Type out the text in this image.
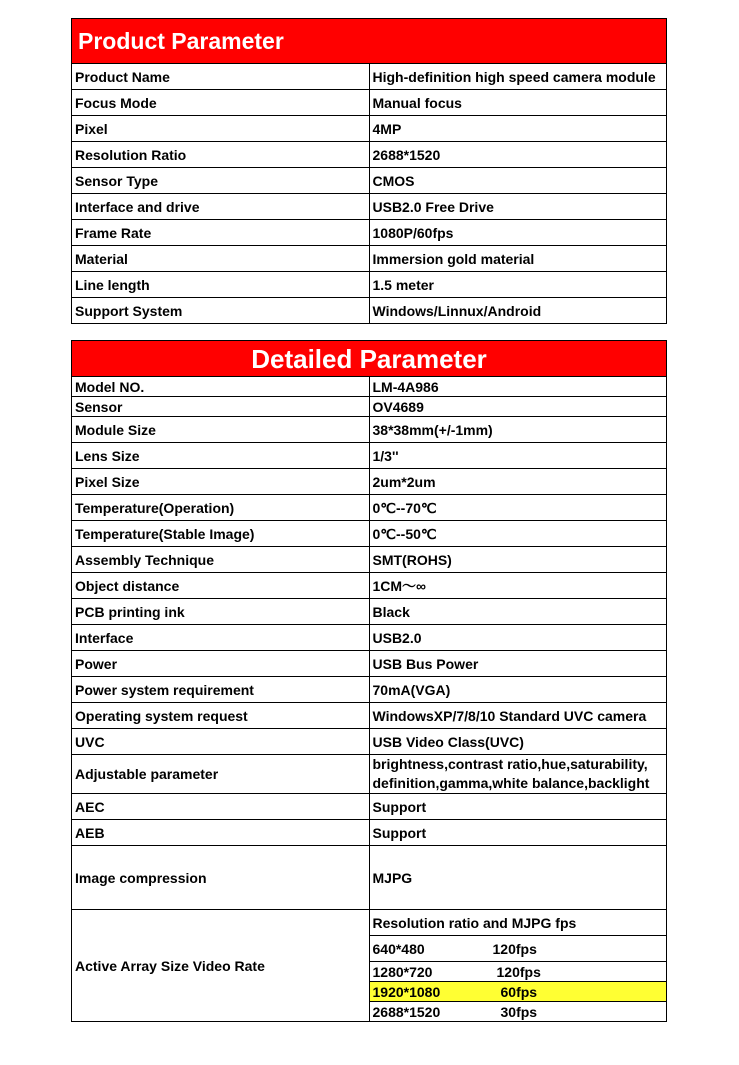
Product Parameter	
Product Name	High-definition high speed camera module
Focus Mode	Manual focus
Pixel	4MP
Resolution Ratio	2688*1520
Sensor Type	CMOS
Interface and drive	USB2.0 Free Drive
Frame Rate	1080P/60fps
Material	Immersion gold material
Line length	1.5 meter
Support System	Windows/Linnux/Android
Detailed Parameter	
Model NO.	LM-4A986
Sensor	OV4689
Module Size	38*38mm(+/-1mm)
Lens Size	1/3''
Pixel Size	2um*2um
Temperature(Operation)	0℃--70℃
Temperature(Stable Image)	0℃--50℃
Assembly Technique	SMT(ROHS)
Object distance	1CM～∞
PCB printing ink	Black
Interface	USB2.0
Power	USB Bus Power
Power system requirement	70mA(VGA)
Operating system request	WindowsXP/7/8/10 Standard UVC camera
UVC	USB Video Class(UVC)
Adjustable parameter	brightness,contrast ratio,hue,saturability,
definition,gamma,white balance,backlight

AEC	Support
AEB	Support
Image compression	MJPG
Active Array Size Video Rate	Resolution ratio and MJPG fps
	640*480 120fps
	1280*720 120fps
	1920*1080 60fps
	2688*1520 30fps
